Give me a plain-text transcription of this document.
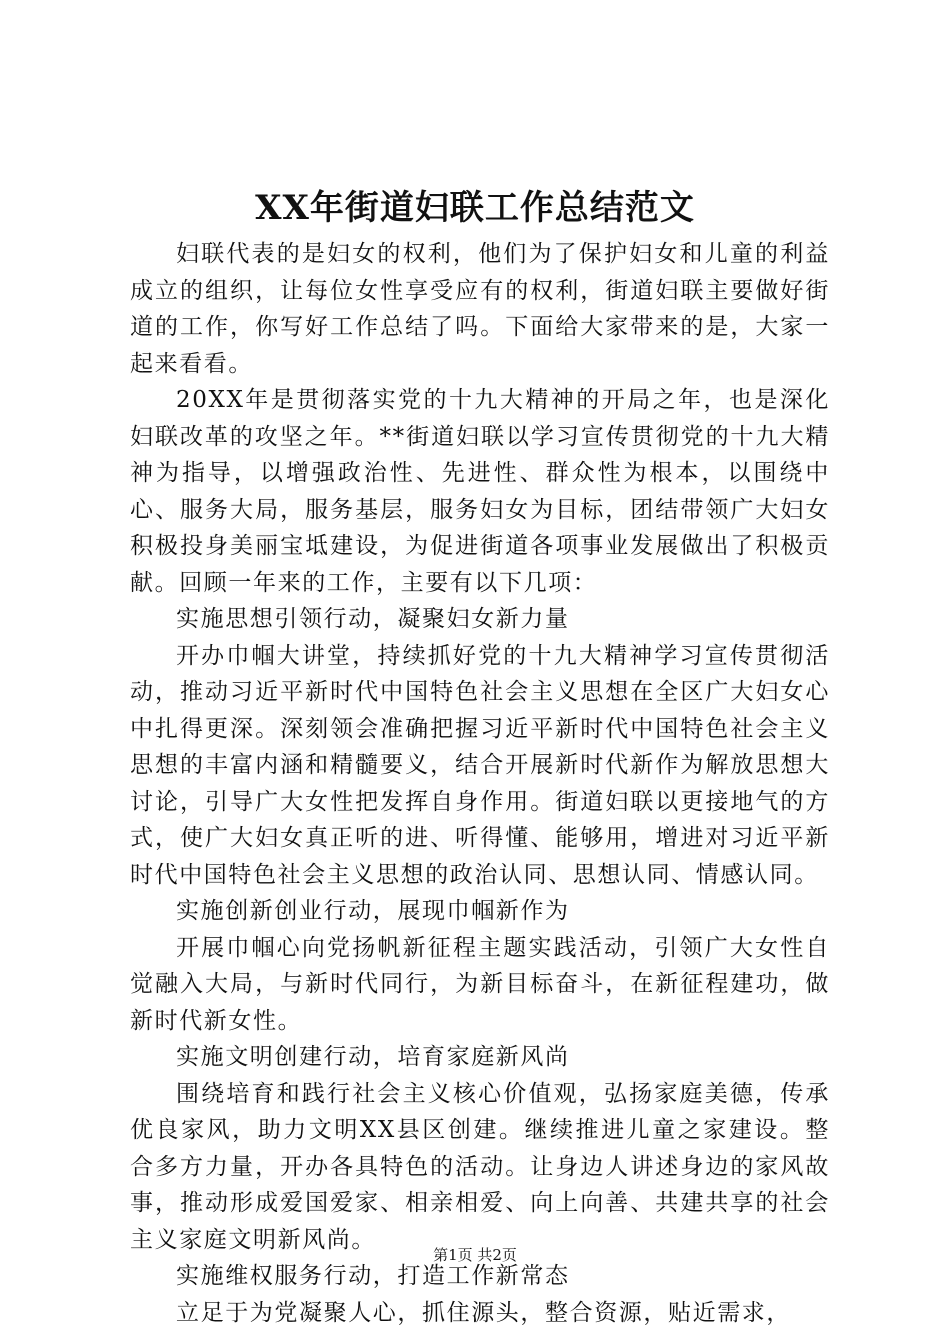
XX年街道妇联工作总结范文

妇联代表的是妇女的权利，他们为了保护妇女和儿童的利益成立的组织，让每位女性享受应有的权利，街道妇联主要做好街道的工作，你写好工作总结了吗。下面给大家带来的是，大家一起来看看。

20XX年是贯彻落实党的十九大精神的开局之年，也是深化妇联改革的攻坚之年。**街道妇联以学习宣传贯彻党的十九大精神为指导，以增强政治性、先进性、群众性为根本，以围绕中心、服务大局，服务基层，服务妇女为目标，团结带领广大妇女积极投身美丽宝坻建设，为促进街道各项事业发展做出了积极贡献。回顾一年来的工作，主要有以下几项：

实施思想引领行动，凝聚妇女新力量

开办巾帼大讲堂，持续抓好党的十九大精神学习宣传贯彻活动，推动习近平新时代中国特色社会主义思想在全区广大妇女心中扎得更深。深刻领会准确把握习近平新时代中国特色社会主义思想的丰富内涵和精髓要义，结合开展新时代新作为解放思想大讨论，引导广大女性把发挥自身作用。街道妇联以更接地气的方式，使广大妇女真正听的进、听得懂、能够用，增进对习近平新时代中国特色社会主义思想的政治认同、思想认同、情感认同。

实施创新创业行动，展现巾帼新作为

开展巾帼心向党扬帆新征程主题实践活动，引领广大女性自觉融入大局，与新时代同行，为新目标奋斗，在新征程建功，做新时代新女性。

实施文明创建行动，培育家庭新风尚

围绕培育和践行社会主义核心价值观，弘扬家庭美德，传承优良家风，助力文明XX县区创建。继续推进儿童之家建设。整合多方力量，开办各具特色的活动。让身边人讲述身边的家风故事，推动形成爱国爱家、相亲相爱、向上向善、共建共享的社会主义家庭文明新风尚。

实施维权服务行动，打造工作新常态

立足于为党凝聚人心，抓住源头，整合资源，贴近需求，

第1页 共2页
